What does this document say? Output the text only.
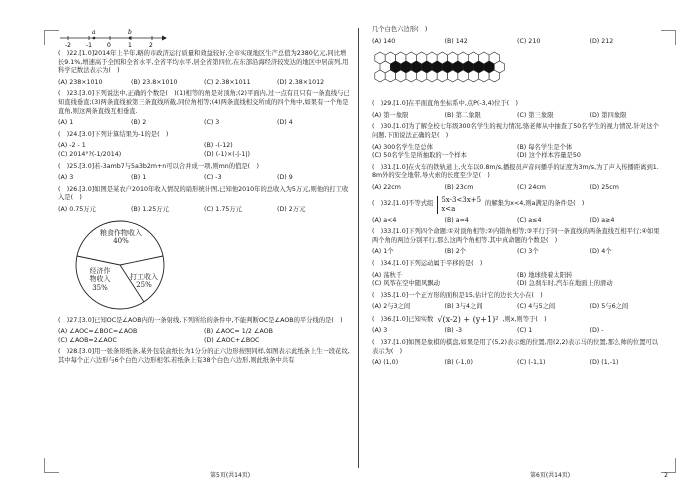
-2	-1	0	1	2
a	b
(　)22.[1.0]2014年上半年,略的市政济运行质量和效益较好,全市实现地区生产总值为2380亿元,同比增长9.1%,增速高于全国和全省水平,全省平均水平,居全省第四位,在东部沿海经济较发达的地区中居前列,用科学记数法表示为(　)
(A) 238×1010	(B) 23.8×1010	(C) 2.38×1011	(D) 2.38×1012
(　)23.[3.0]下列说法中,正确的个数是(　)(1)相等的角是对顶角;(2)平面内,过一点有且只有一条直线与已知直线垂直;(3)两条直线被第三条直线所截,同位角相等;(4)两条直线相交所成的四个角中,如果有一个角是直角,则这两条直线互相垂直.
(A) 1	(B) 2	(C) 3	(D) 4
(　)24.[3.0]下列计算结果为-1的是(　)
(A) -2 - 1	(B) -(-12)
(C) 2014°?(-1/2014)	(D) (-1)×(-|-1|)
(　)25.[3.0]若-3amb7与5a3b2m+n可以合并成一项,则mn的值是(　)
(A) 3	(B) 1	(C) -3	(D) 9
(　)26.[3.0]如图是某农户2010年收入情况的扇形统计图,已知他2010年的总收入为5万元,则他的打工收入是(　)
(A) 0.75万元	(B) 1.25万元	(C) 1.75万元	(D) 2万元
粮食作物收入
40%
经济作
物收入
35%
打工收入
25%
(　)27.[3.0]已知OC是∠AOB内的一条射线,下列所给的条件中,不能判断OC是∠AOB的平分线的是(　)
(A) ∠AOC=∠BOC=∠AOB	(B) ∠AOC= 1/2 ∠AOB
(C) ∠AOB=2∠AOC	(D) ∠AOC+∠BOC
(　)28.[3.0]用一张条形纸条,某外包装盒纸长为1分分的正六边形按照同样,如图表示此纸条上生一段花纹,其中每个正六边形与6个白色六边形相邻,若纸条上有38个白色六边形,则此纸条中共有
几个白色六边形(　)
(A) 140	(B) 142	(C) 210	(D) 212
(　)29.[1.0]在平面直角坐标系中,点P(-3,4)位于(　)
(A) 第一象限	(B) 第二象限	(C) 第三象限	(D) 第四象限
(　)30.[1.0]为了解全校七年级300名学生的视力情况,骆老师从中抽查了50名学生的视力情况.针对这个问题,下面说法正确的是(　)
(A) 300名学生是总体	(B) 每名学生是个体
(C) 50名学生是所抽取的一个样本	(D) 这个样本容量是50
(　)31.[1.0]在火车的铁轨道上,火车以0.8m/s,播报员声音问播乎的证度为3m/s,为了声入传播距离到1.8m外的安全地带,导火索的长度至少是(　)
(A) 22cm	(B) 23cm	(C) 24cm	(D) 25cm
(　)32.[1.0]不等式组
5x-3<3x+5
x<a
的解集为x<4,则a满足的条件是(　)
(A) a<4	(B) a=4	(C) a≤4	(D) a≥4
(　)33.[1.0]下列四个命题:①对顶角相等;②内错角相等;③平行于同一条直线的两条直线互相平行;④如果两个角的两边分别平行,那么这两个角相等.其中真命题的个数是(　)
(A) 1个	(B) 2个	(C) 3个	(D) 4个
(　)34.[1.0]下列运动属于平移的是(　)
(A) 荡秋千	(B) 地球绕着太阳转
(C) 风筝在空中随风飘动	(D) 急刹车时,汽车在地面上的滑动
(　)35.[1.0]一个正方形的面积是15,估计它的边长大小在(　)
(A) 2与3之间	(B) 3与4之间	(C) 4与5之间	(D) 5与6之间
(　)36.[1.0]已知实数 √(x-2) + (y+1)² ,则x,则等于(　)
(A) 3	(B) -3	(C) 1	(D) -
(　)37.[1.0]如图是象棋的棋盘,如果是用了(5,2)表示炮的位置,用(2,2)表示马的位置,那么帅的位置可以表示为(　)
(A) (1,0)	(B) (-1,0)	(C) (-1,1)	(D) (1,-1)
第5页(共14页)	第6页(共14页)	2
